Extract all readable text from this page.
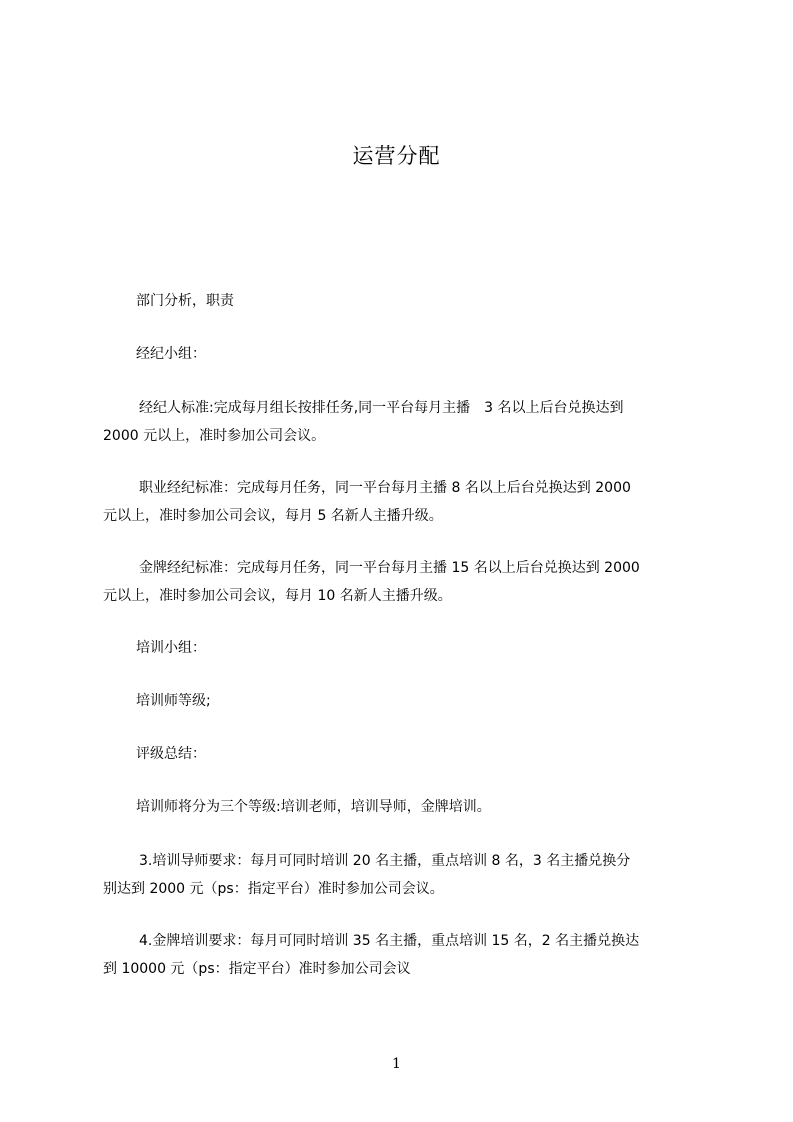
运营分配
部门分析，职责
经纪小组：
经纪人标准:完成每月组长按排任务,同一平台每月主播　3 名以上后台兑换达到
2000 元以上，准时参加公司会议。
职业经纪标准：完成每月任务，同一平台每月主播 8 名以上后台兑换达到 2000
元以上，准时参加公司会议，每月 5 名新人主播升级。
金牌经纪标准：完成每月任务，同一平台每月主播 15 名以上后台兑换达到 2000
元以上，准时参加公司会议，每月 10 名新人主播升级。
培训小组：
培训师等级;
评级总结：
培训师将分为三个等级:培训老师，培训导师，金牌培训。
3.培训导师要求：每月可同时培训 20 名主播，重点培训 8 名，3 名主播兑换分
别达到 2000 元（ps：指定平台）准时参加公司会议。
4.金牌培训要求：每月可同时培训 35 名主播，重点培训 15 名，2 名主播兑换达
到 10000 元（ps：指定平台）准时参加公司会议
1
